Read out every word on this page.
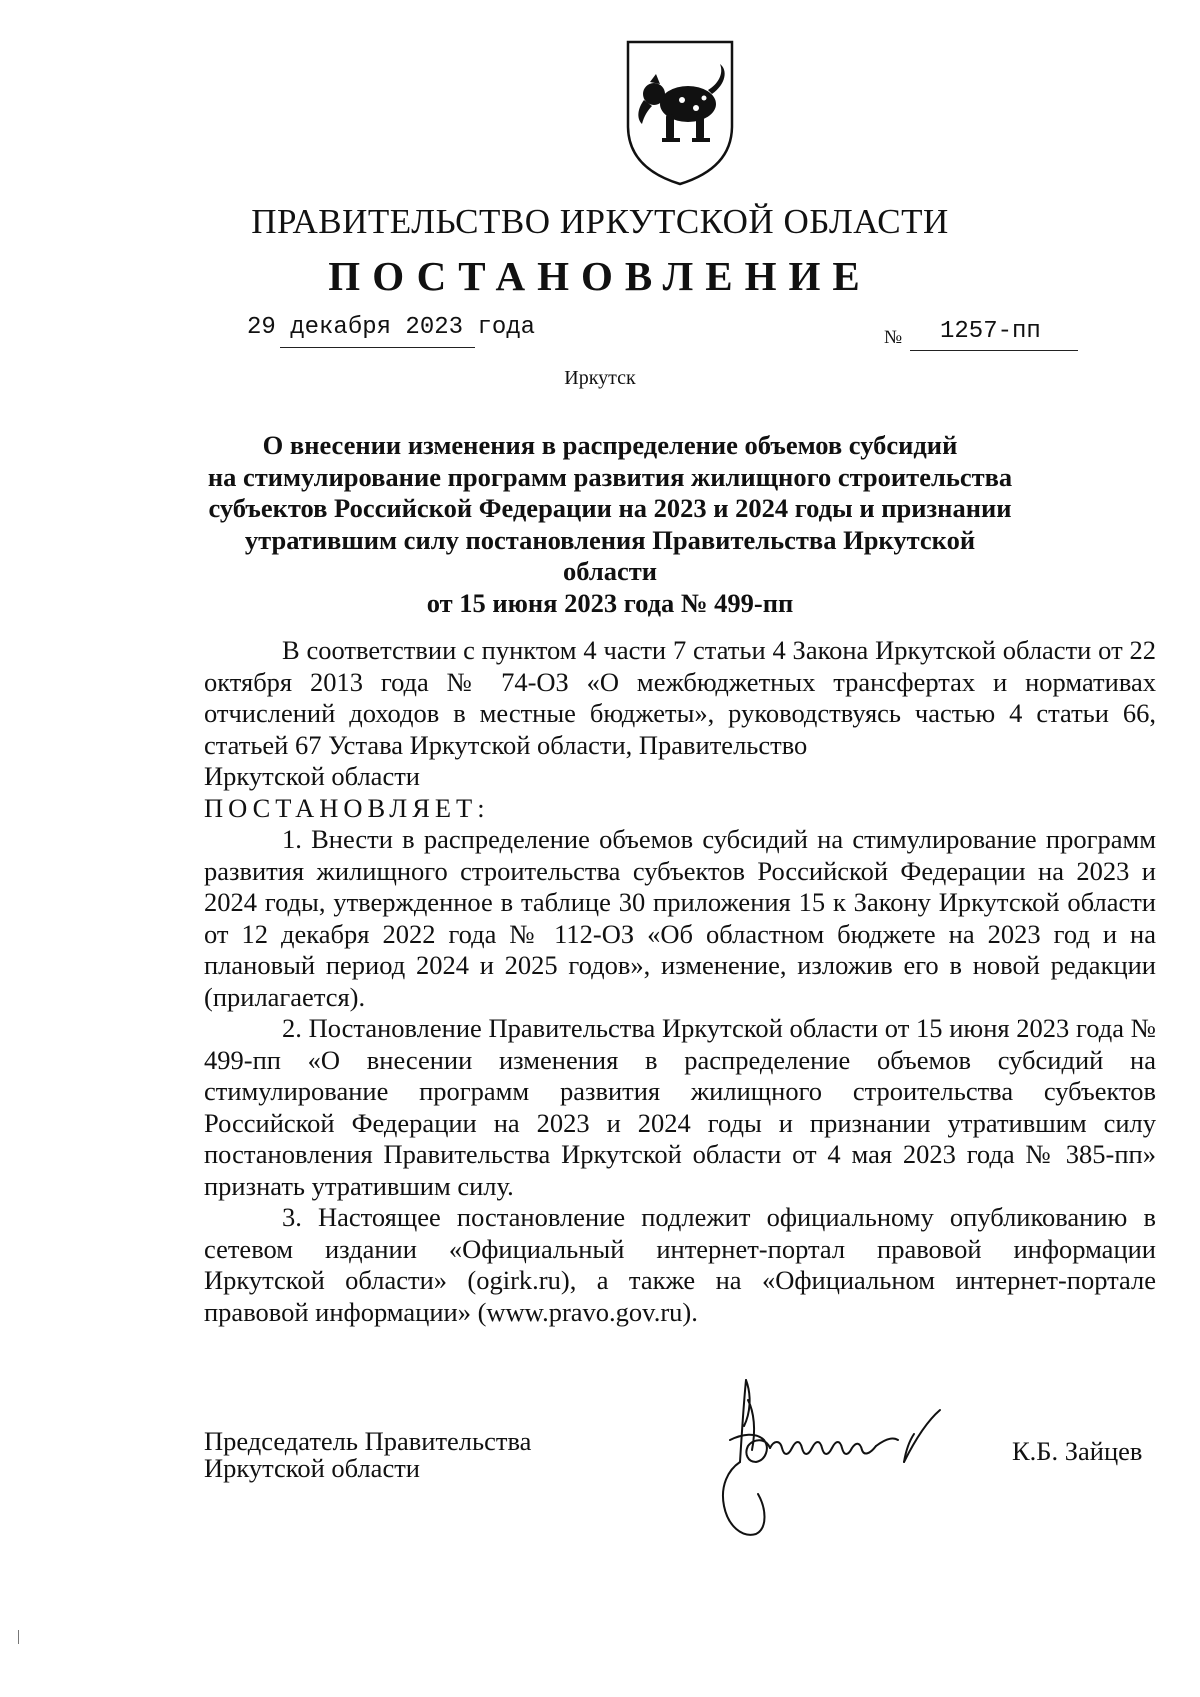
ПРАВИТЕЛЬСТВО ИРКУТСКОЙ ОБЛАСТИ
ПОСТАНОВЛЕНИЕ
29 декабря 2023 года	№ 1257-пп
Иркутск
О внесении изменения в распределение объемов субсидий
на стимулирование программ развития жилищного строительства
субъектов Российской Федерации на 2023 и 2024 годы и признании
утратившим силу постановления Правительства Иркутской области
от 15 июня 2023 года № 499-пп

В соответствии с пунктом 4 части 7 статьи 4 Закона Иркутской области от 22 октября 2013 года № 74-ОЗ «О межбюджетных трансфертах и нормативах отчислений доходов в местные бюджеты», руководствуясь частью 4 статьи 66, статьей 67 Устава Иркутской области, Правительство

Иркутской области

ПОСТАНОВЛЯЕТ:

1. Внести в распределение объемов субсидий на стимулирование программ развития жилищного строительства субъектов Российской Федерации на 2023 и 2024 годы, утвержденное в таблице 30 приложения 15 к Закону Иркутской области от 12 декабря 2022 года № 112-ОЗ «Об областном бюджете на 2023 год и на плановый период 2024 и 2025 годов», изменение, изложив его в новой редакции (прилагается).

2. Постановление Правительства Иркутской области от 15 июня 2023 года № 499-пп «О внесении изменения в распределение объемов субсидий на стимулирование программ развития жилищного строительства субъектов Российской Федерации на 2023 и 2024 годы и признании утратившим силу постановления Правительства Иркутской области от 4 мая 2023 года № 385-пп» признать утратившим силу.

3. Настоящее постановление подлежит официальному опубликованию в сетевом издании «Официальный интернет-портал правовой информации Иркутской области» (ogirk.ru), а также на «Официальном интернет-портале правовой информации» (www.pravo.gov.ru).

Председатель Правительства
Иркутской области
К.Б. Зайцев
